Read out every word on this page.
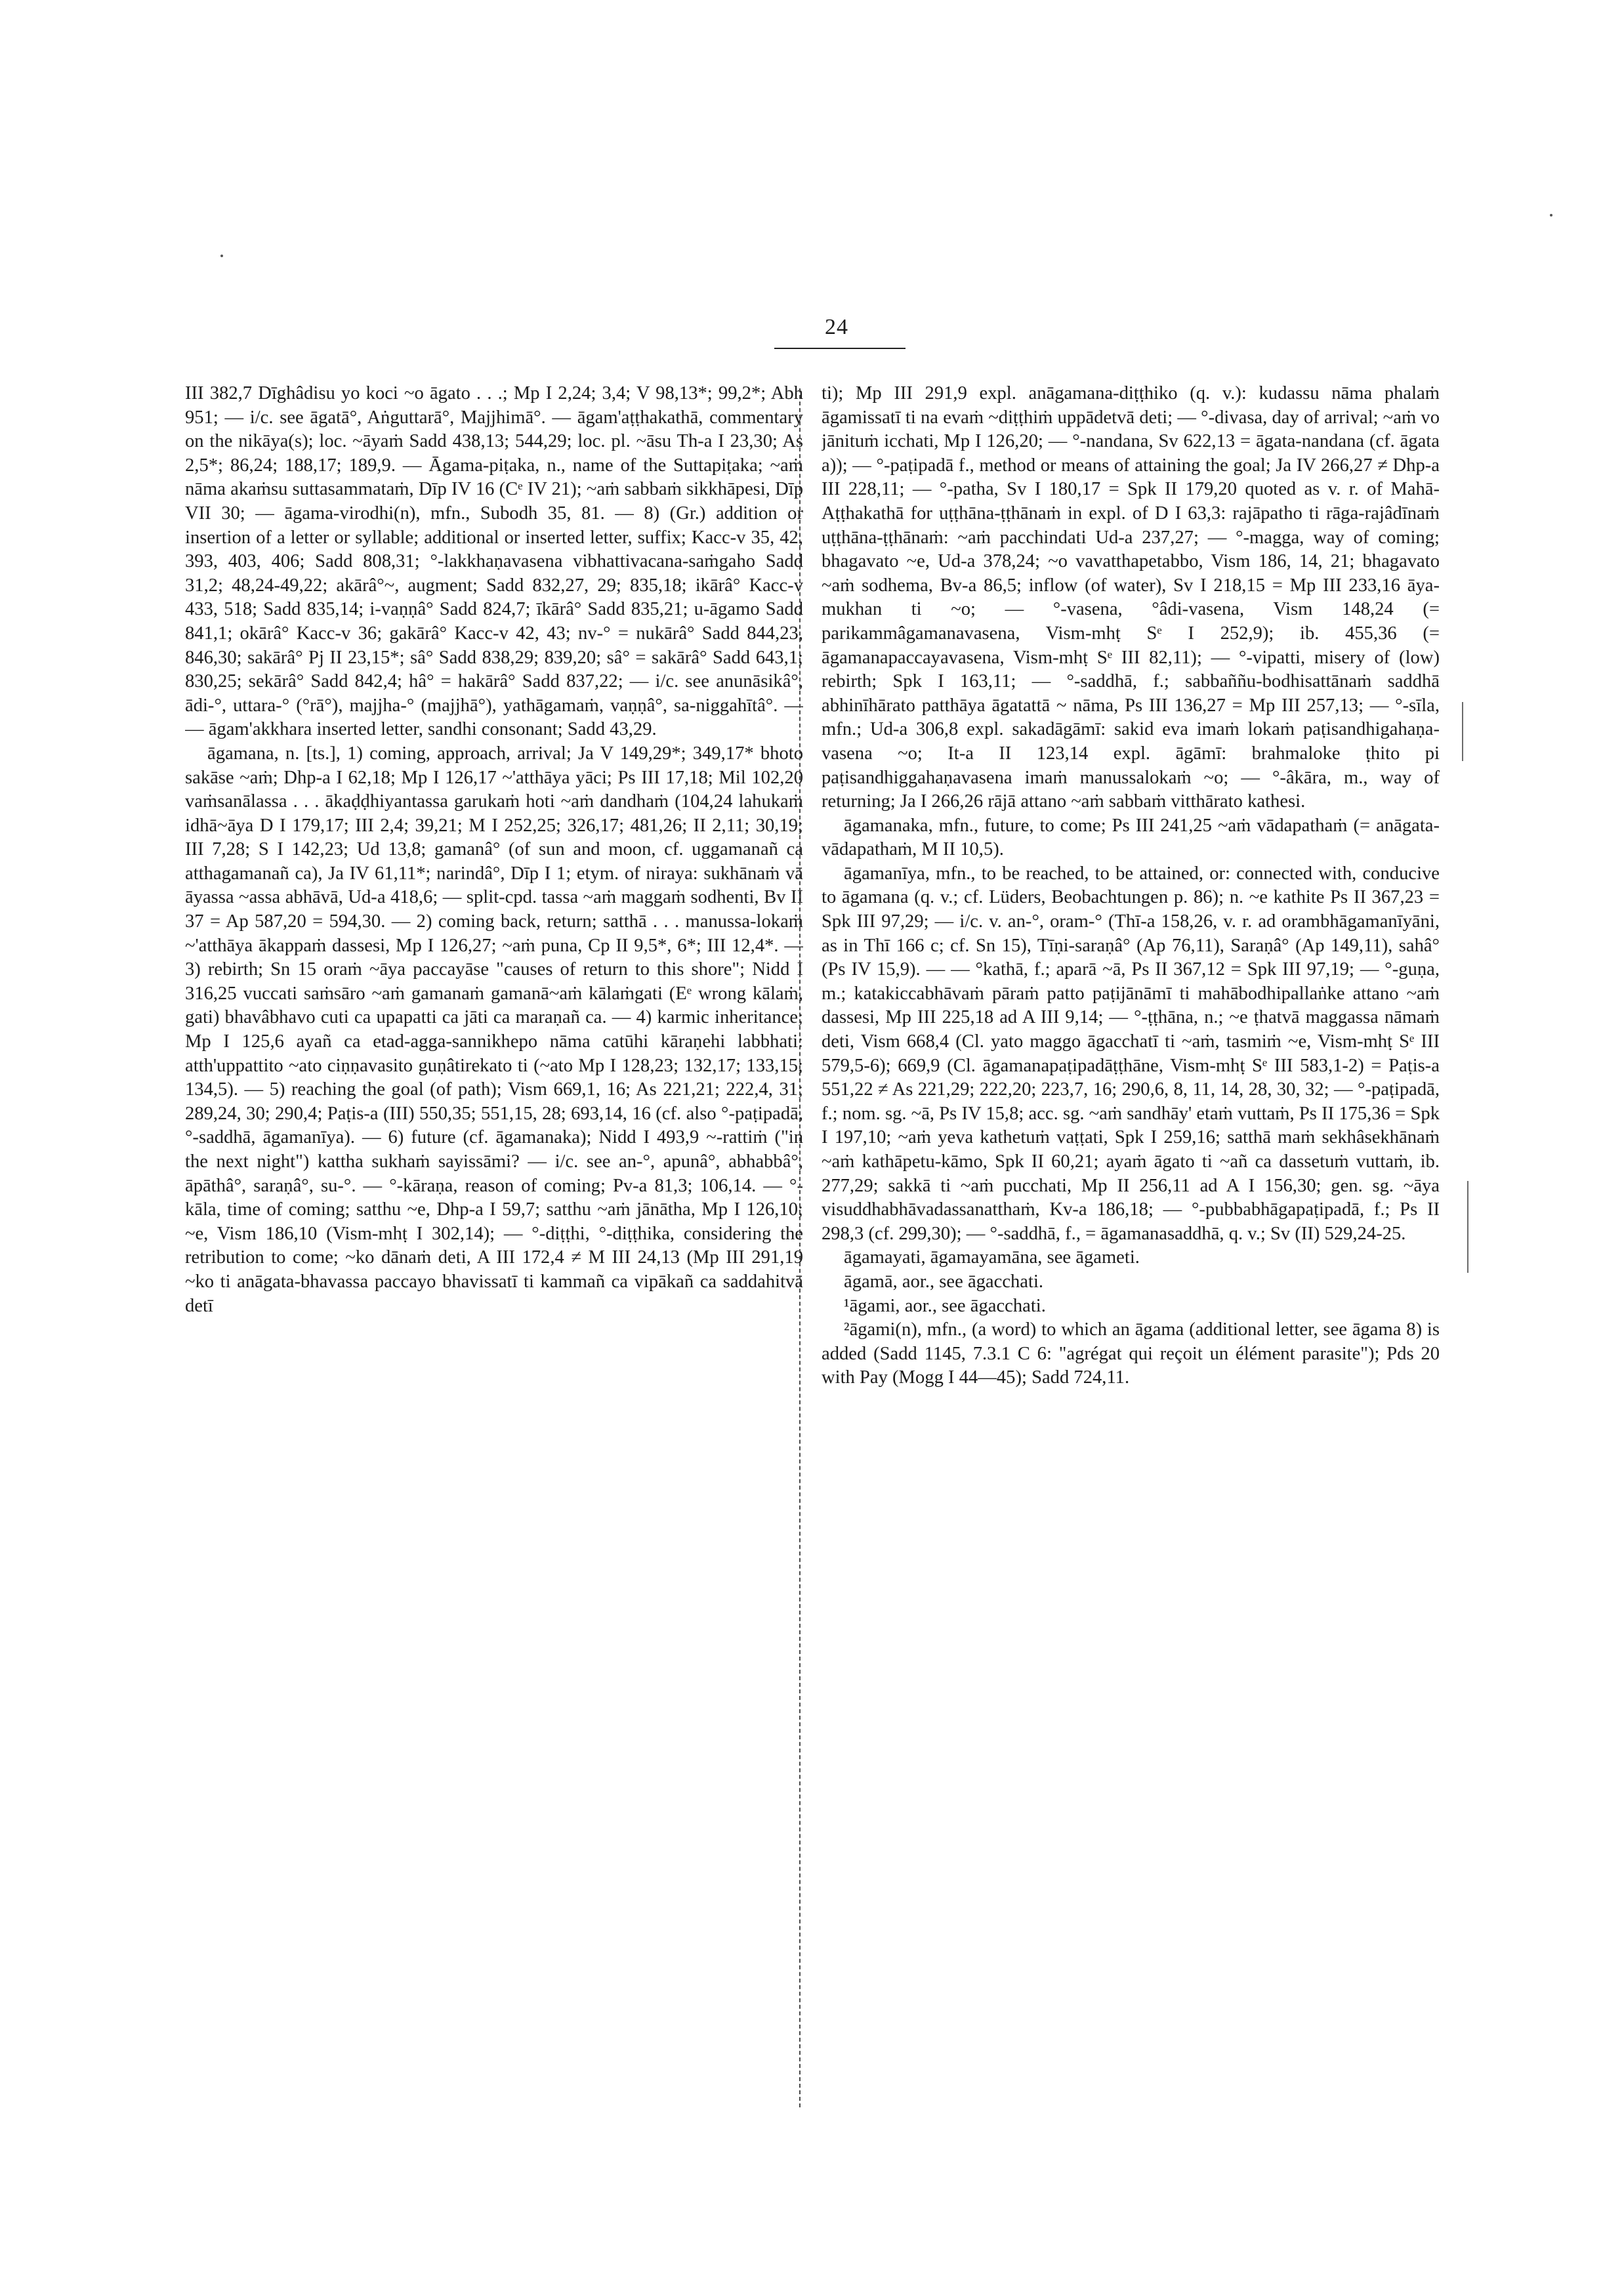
24

III 382,7 Dīghâdisu yo koci ~o āgato . . .; Mp I 2,24; 3,4; V 98,13*; 99,2*; Abh 951; — i/c. see āgatā°, Aṅguttarā°, Majjhimā°. — āgam'aṭṭhakathā, commentary on the nikāya(s); loc. ~āyaṁ Sadd 438,13; 544,29; loc. pl. ~āsu Th-a I 23,30; As 2,5*; 86,24; 188,17; 189,9. — Āgama-piṭaka, n., name of the Suttapiṭaka; ~aṁ nāma akaṁsu suttasammataṁ, Dīp IV 16 (Cᵉ IV 21); ~aṁ sabbaṁ sikkhāpesi, Dīp VII 30; — āgama-virodhi(n), mfn., Subodh 35, 81. — 8) (Gr.) addition or insertion of a letter or syllable; additional or inserted letter, suffix; Kacc-v 35, 42, 393, 403, 406; Sadd 808,31; °-lakkhaṇavasena vibhattivacana-saṁgaho Sadd 31,2; 48,24-49,22; akārâ°~, augment; Sadd 832,27, 29; 835,18; ikārâ° Kacc-v 433, 518; Sadd 835,14; i-vaṇṇâ° Sadd 824,7; īkārâ° Sadd 835,21; u-āgamo Sadd 841,1; okārâ° Kacc-v 36; gakārâ° Kacc-v 42, 43; nv-° = nukārâ° Sadd 844,23, 846,30; sakārâ° Pj II 23,15*; sâ° Sadd 838,29; 839,20; sâ° = sakārâ° Sadd 643,1; 830,25; sekārâ° Sadd 842,4; hâ° = hakārâ° Sadd 837,22; — i/c. see anunāsikâ°, ādi-°, uttara-° (°rā°), majjha-° (majjhā°), yathāgamaṁ, vaṇṇâ°, sa-niggahītâ°. — — āgam'akkhara inserted letter, sandhi consonant; Sadd 43,29.

āgamana, n. [ts.], 1) coming, approach, arrival; Ja V 149,29*; 349,17* bhoto sakāse ~aṁ; Dhp-a I 62,18; Mp I 126,17 ~'atthāya yāci; Ps III 17,18; Mil 102,20 vaṁsanālassa . . . ākaḍḍhiyantassa garukaṁ hoti ~aṁ dandhaṁ (104,24 lahukaṁ idhā~āya D I 179,17; III 2,4; 39,21; M I 252,25; 326,17; 481,26; II 2,11; 30,19; III 7,28; S I 142,23; Ud 13,8; gamanâ° (of sun and moon, cf. uggamanañ ca atthagamanañ ca), Ja IV 61,11*; narindâ°, Dīp I 1; etym. of niraya: sukhānaṁ vā āyassa ~assa abhāvā, Ud-a 418,6; — split-cpd. tassa ~aṁ maggaṁ sodhenti, Bv II 37 = Ap 587,20 = 594,30. — 2) coming back, return; satthā . . . manussa-lokaṁ ~'atthāya ākappaṁ dassesi, Mp I 126,27; ~aṁ puna, Cp II 9,5*, 6*; III 12,4*. — 3) rebirth; Sn 15 oraṁ ~āya paccayāse "causes of return to this shore"; Nidd I 316,25 vuccati saṁsāro ~aṁ gamanaṁ gamanā~aṁ kālaṁgati (Eᵉ wrong kālaṁ, gati) bhavâbhavo cuti ca upapatti ca jāti ca maraṇañ ca. — 4) karmic inheritance; Mp I 125,6 ayañ ca etad-agga-sannikhepo nāma catūhi kāraṇehi labbhati: atth'uppattito ~ato ciṇṇavasito guṇâtirekato ti (~ato Mp I 128,23; 132,17; 133,15; 134,5). — 5) reaching the goal (of path); Vism 669,1, 16; As 221,21; 222,4, 31; 289,24, 30; 290,4; Paṭis-a (III) 550,35; 551,15, 28; 693,14, 16 (cf. also °-paṭipadā, °-saddhā, āgamanīya). — 6) future (cf. āgamanaka); Nidd I 493,9 ~-rattiṁ ("in the next night") kattha sukhaṁ sayissāmi? — i/c. see an-°, apunâ°, abhabbâ°, āpāthâ°, saraṇâ°, su-°. — °-kāraṇa, reason of coming; Pv-a 81,3; 106,14. — °-kāla, time of coming; satthu ~e, Dhp-a I 59,7; satthu ~aṁ jānātha, Mp I 126,10; ~e, Vism 186,10 (Vism-mhṭ I 302,14); — °-diṭṭhi, °-diṭṭhika, considering the retribution to come; ~ko dānaṁ deti, A III 172,4 ≠ M III 24,13 (Mp III 291,19 ~ko ti anāgata-bhavassa paccayo bhavissatī ti kammañ ca vipākañ ca saddahitvā detī

ti); Mp III 291,9 expl. anāgamana-diṭṭhiko (q. v.): kudassu nāma phalaṁ āgamissatī ti na evaṁ ~diṭṭhiṁ uppādetvā deti; — °-divasa, day of arrival; ~aṁ vo jānituṁ icchati, Mp I 126,20; — °-nandana, Sv 622,13 = āgata-nandana (cf. āgata a)); — °-paṭipadā f., method or means of attaining the goal; Ja IV 266,27 ≠ Dhp-a III 228,11; — °-patha, Sv I 180,17 = Spk II 179,20 quoted as v. r. of Mahā-Aṭṭhakathā for uṭṭhāna-ṭṭhānaṁ in expl. of D I 63,3: rajāpatho ti rāga-rajâdīnaṁ uṭṭhāna-ṭṭhānaṁ: ~aṁ pacchindati Ud-a 237,27; — °-magga, way of coming; bhagavato ~e, Ud-a 378,24; ~o vavatthapetabbo, Vism 186, 14, 21; bhagavato ~aṁ sodhema, Bv-a 86,5; inflow (of water), Sv I 218,15 = Mp III 233,16 āya-mukhan ti ~o; — °-vasena, °âdi-vasena, Vism 148,24 (= parikammâgamanavasena, Vism-mhṭ Sᵉ I 252,9); ib. 455,36 (= āgamanapaccayavasena, Vism-mhṭ Sᵉ III 82,11); — °-vipatti, misery of (low) rebirth; Spk I 163,11; — °-saddhā, f.; sabbaññu-bodhisattānaṁ saddhā abhinīhārato patthāya āgatattā ~ nāma, Ps III 136,27 = Mp III 257,13; — °-sīla, mfn.; Ud-a 306,8 expl. sakadāgāmī: sakid eva imaṁ lokaṁ paṭisandhigahaṇa-vasena ~o; It-a II 123,14 expl. āgāmī: brahmaloke ṭhito pi paṭisandhiggahaṇavasena imaṁ manussalokaṁ ~o; — °-âkāra, m., way of returning; Ja I 266,26 rājā attano ~aṁ sabbaṁ vitthārato kathesi.

āgamanaka, mfn., future, to come; Ps III 241,25 ~aṁ vādapathaṁ (= anāgata-vādapathaṁ, M II 10,5).

āgamanīya, mfn., to be reached, to be attained, or: connected with, conducive to āgamana (q. v.; cf. Lüders, Beobachtungen p. 86); n. ~e kathite Ps II 367,23 = Spk III 97,29; — i/c. v. an-°, oram-° (Thī-a 158,26, v. r. ad orambhāgamanīyāni, as in Thī 166 c; cf. Sn 15), Tīṇi-saraṇâ° (Ap 76,11), Saraṇâ° (Ap 149,11), sahâ° (Ps IV 15,9). — — °kathā, f.; aparā ~ā, Ps II 367,12 = Spk III 97,19; — °-guṇa, m.; katakiccabhāvaṁ pāraṁ patto paṭijānāmī ti mahābodhipallaṅke attano ~aṁ dassesi, Mp III 225,18 ad A III 9,14; — °-ṭṭhāna, n.; ~e ṭhatvā maggassa nāmaṁ deti, Vism 668,4 (Cl. yato maggo āgacchatī ti ~aṁ, tasmiṁ ~e, Vism-mhṭ Sᵉ III 579,5-6); 669,9 (Cl. āgamanapaṭipadāṭṭhāne, Vism-mhṭ Sᵉ III 583,1-2) = Paṭis-a 551,22 ≠ As 221,29; 222,20; 223,7, 16; 290,6, 8, 11, 14, 28, 30, 32; — °-paṭipadā, f.; nom. sg. ~ā, Ps IV 15,8; acc. sg. ~aṁ sandhāy' etaṁ vuttaṁ, Ps II 175,36 = Spk I 197,10; ~aṁ yeva kathetuṁ vaṭṭati, Spk I 259,16; satthā maṁ sekhâsekhānaṁ ~aṁ kathāpetu-kāmo, Spk II 60,21; ayaṁ āgato ti ~añ ca dassetuṁ vuttaṁ, ib. 277,29; sakkā ti ~aṁ pucchati, Mp II 256,11 ad A I 156,30; gen. sg. ~āya visuddhabhāvadassanatthaṁ, Kv-a 186,18; — °-pubbabhāgapaṭipadā, f.; Ps II 298,3 (cf. 299,30); — °-saddhā, f., = āgamanasaddhā, q. v.; Sv (II) 529,24-25.

āgamayati, āgamayamāna, see āgameti.

āgamā, aor., see āgacchati.

¹āgami, aor., see āgacchati.

²āgami(n), mfn., (a word) to which an āgama (additional letter, see āgama 8) is added (Sadd 1145, 7.3.1 C 6: "agrégat qui reçoit un élément parasite"); Pds 20 with Pay (Mogg I 44—45); Sadd 724,11.
